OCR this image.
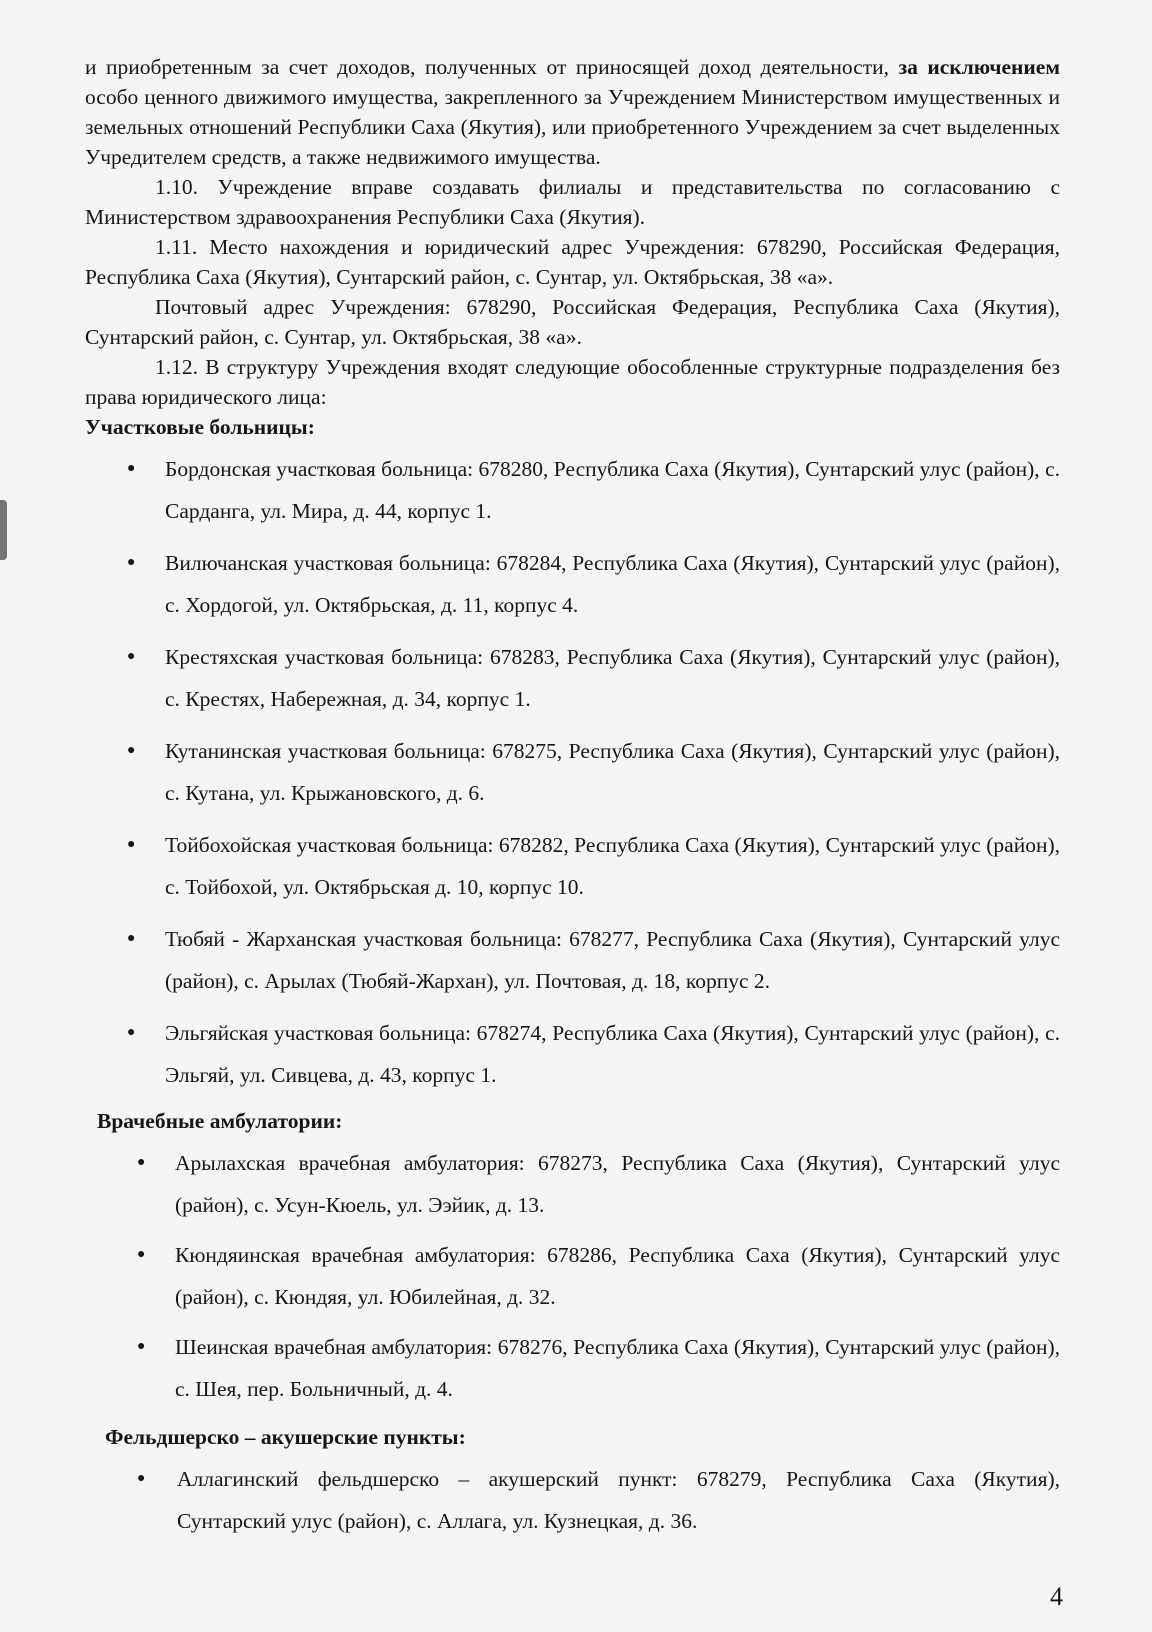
и приобретенным за счет доходов, полученных от приносящей доход деятельности, за исключением особо ценного движимого имущества, закрепленного за Учреждением Министерством имущественных и земельных отношений Республики Саха (Якутия), или приобретенного Учреждением за счет выделенных Учредителем средств, а также недвижимого имущества.

1.10. Учреждение вправе создавать филиалы и представительства по согласованию с Министерством здравоохранения Республики Саха (Якутия).

1.11. Место нахождения и юридический адрес Учреждения: 678290, Российская Федерация, Республика Саха (Якутия), Сунтарский район, с. Сунтар, ул. Октябрьская, 38 «а».

Почтовый адрес Учреждения: 678290, Российская Федерация, Республика Саха (Якутия), Сунтарский район, с. Сунтар, ул. Октябрьская, 38 «а».

1.12. В структуру Учреждения входят следующие обособленные структурные подразделения без права юридического лица:

Участковые больницы:

● Бордонская участковая больница: 678280, Республика Саха (Якутия), Сунтарский улус (район), с. Сарданга, ул. Мира, д. 44, корпус 1.
● Вилючанская участковая больница: 678284, Республика Саха (Якутия), Сунтарский улус (район), с. Хордогой, ул. Октябрьская, д. 11, корпус 4.
● Крестяхская участковая больница: 678283, Республика Саха (Якутия), Сунтарский улус (район), с. Крестях, Набережная, д. 34, корпус 1.
● Кутанинская участковая больница: 678275, Республика Саха (Якутия), Сунтарский улус (район), с. Кутана, ул. Крыжановского, д. 6.
● Тойбохойская участковая больница: 678282, Республика Саха (Якутия), Сунтарский улус (район), с. Тойбохой, ул. Октябрьская д. 10, корпус 10.
● Тюбяй - Жарханская участковая больница: 678277, Республика Саха (Якутия), Сунтарский улус (район), с. Арылах (Тюбяй-Жархан), ул. Почтовая, д. 18, корпус 2.
● Эльгяйская участковая больница: 678274, Республика Саха (Якутия), Сунтарский улус (район), с. Эльгяй, ул. Сивцева, д. 43, корпус 1.

Врачебные амбулатории:

● Арылахская врачебная амбулатория: 678273, Республика Саха (Якутия), Сунтарский улус (район), с. Усун-Кюель, ул. Ээйик, д. 13.
● Кюндяинская врачебная амбулатория: 678286, Республика Саха (Якутия), Сунтарский улус (район), с. Кюндяя, ул. Юбилейная, д. 32.
● Шеинская врачебная амбулатория: 678276, Республика Саха (Якутия), Сунтарский улус (район), с. Шея, пер. Больничный, д. 4.

Фельдшерско – акушерские пункты:

● Аллагинский фельдшерско – акушерский пункт: 678279, Республика Саха (Якутия), Сунтарский улус (район), с. Аллага, ул. Кузнецкая, д. 36.
4
